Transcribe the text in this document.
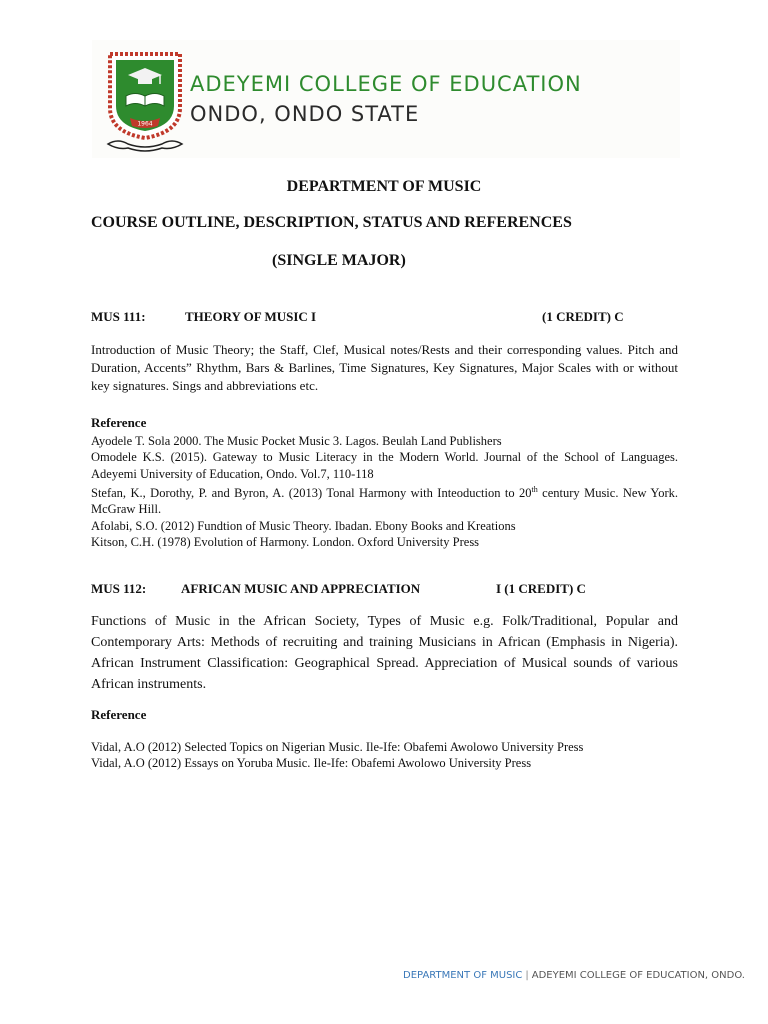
1964
ADEYEMI COLLEGE OF EDUCATION
ONDO, ONDO STATE
DEPARTMENT OF MUSIC
COURSE OUTLINE, DESCRIPTION, STATUS AND REFERENCES
(SINGLE MAJOR)
MUS 111:	THEORY OF MUSIC I	(1 CREDIT) C
Introduction of Music Theory; the Staff, Clef, Musical notes/Rests and their corresponding values. Pitch and Duration, Accents” Rhythm, Bars & Barlines, Time Signatures, Key Signatures, Major Scales with or without key signatures. Sings and abbreviations etc.
Reference
Ayodele T. Sola 2000. The Music Pocket Music 3. Lagos. Beulah Land Publishers
Omodele K.S. (2015). Gateway to Music Literacy in the Modern World. Journal of the School of Languages. Adeyemi University of Education, Ondo. Vol.7, 110-118
Stefan, K., Dorothy, P. and Byron, A. (2013) Tonal Harmony with Inteoduction to 20th century Music. New York. McGraw Hill.
Afolabi, S.O. (2012) Fundtion of Music Theory. Ibadan. Ebony Books and Kreations
Kitson, C.H. (1978) Evolution of Harmony. London. Oxford University Press
MUS 112:	AFRICAN MUSIC AND APPRECIATION	I (1 CREDIT) C
Functions of Music in the African Society, Types of Music e.g. Folk/Traditional, Popular and Contemporary Arts: Methods of recruiting and training Musicians in African (Emphasis in Nigeria). African Instrument Classification: Geographical Spread. Appreciation of Musical sounds of various African instruments.
Reference
Vidal, A.O (2012) Selected Topics on Nigerian Music. Ile-Ife: Obafemi Awolowo University Press
Vidal, A.O (2012) Essays on Yoruba Music. Ile-Ife: Obafemi Awolowo University Press
DEPARTMENT OF MUSIC | ADEYEMI COLLEGE OF EDUCATION, ONDO.
